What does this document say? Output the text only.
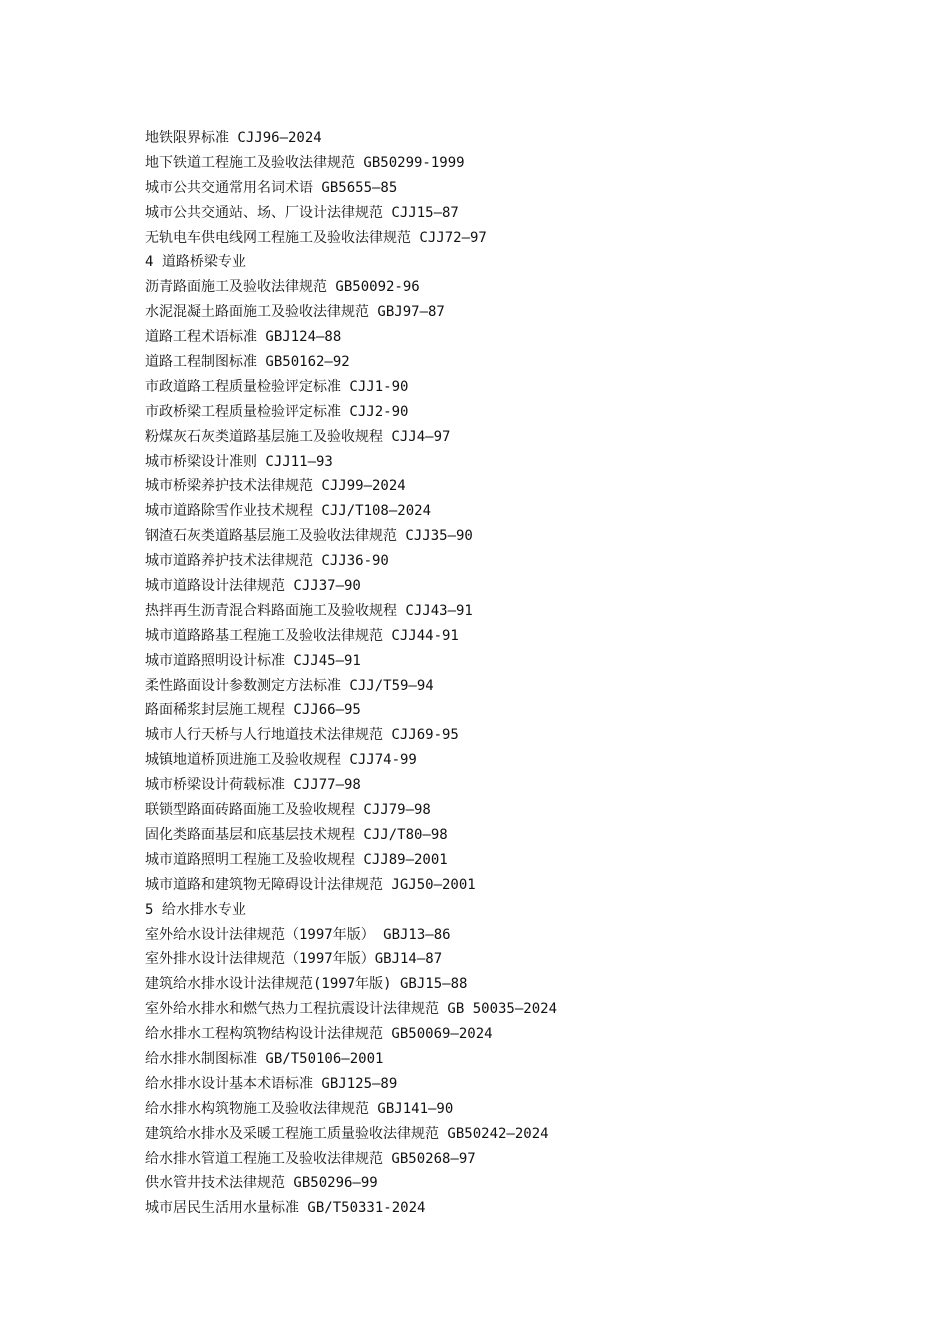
地铁限界标准 CJJ96—2024
地下铁道工程施工及验收法律规范 GB50299-1999
城市公共交通常用名词术语 GB5655—85
城市公共交通站、场、厂设计法律规范 CJJ15—87
无轨电车供电线网工程施工及验收法律规范 CJJ72—97
4 道路桥梁专业
沥青路面施工及验收法律规范 GB50092-96
水泥混凝土路面施工及验收法律规范 GBJ97—87
道路工程术语标准 GBJ124—88
道路工程制图标准 GB50162—92
市政道路工程质量检验评定标准 CJJ1-90
市政桥梁工程质量检验评定标准 CJJ2-90
粉煤灰石灰类道路基层施工及验收规程 CJJ4—97
城市桥梁设计准则 CJJ11—93
城市桥梁养护技术法律规范 CJJ99—2024
城市道路除雪作业技术规程 CJJ/T108—2024
钢渣石灰类道路基层施工及验收法律规范 CJJ35—90
城市道路养护技术法律规范 CJJ36-90
城市道路设计法律规范 CJJ37—90
热拌再生沥青混合料路面施工及验收规程 CJJ43—91
城市道路路基工程施工及验收法律规范 CJJ44-91
城市道路照明设计标准 CJJ45—91
柔性路面设计参数测定方法标准 CJJ/T59—94
路面稀浆封层施工规程 CJJ66—95
城市人行天桥与人行地道技术法律规范 CJJ69-95
城镇地道桥顶进施工及验收规程 CJJ74-99
城市桥梁设计荷载标准 CJJ77—98
联锁型路面砖路面施工及验收规程 CJJ79—98
固化类路面基层和底基层技术规程 CJJ/T80—98
城市道路照明工程施工及验收规程 CJJ89—2001
城市道路和建筑物无障碍设计法律规范 JGJ50—2001
5 给水排水专业
室外给水设计法律规范（1997年版） GBJ13—86
室外排水设计法律规范（1997年版）GBJ14—87
建筑给水排水设计法律规范(1997年版) GBJ15—88
室外给水排水和燃气热力工程抗震设计法律规范 GB 50035—2024
给水排水工程构筑物结构设计法律规范 GB50069—2024
给水排水制图标准 GB/T50106—2001
给水排水设计基本术语标准 GBJ125—89
给水排水构筑物施工及验收法律规范 GBJ141—90
建筑给水排水及采暖工程施工质量验收法律规范 GB50242—2024
给水排水管道工程施工及验收法律规范 GB50268—97
供水管井技术法律规范 GB50296—99
城市居民生活用水量标准 GB/T50331-2024
